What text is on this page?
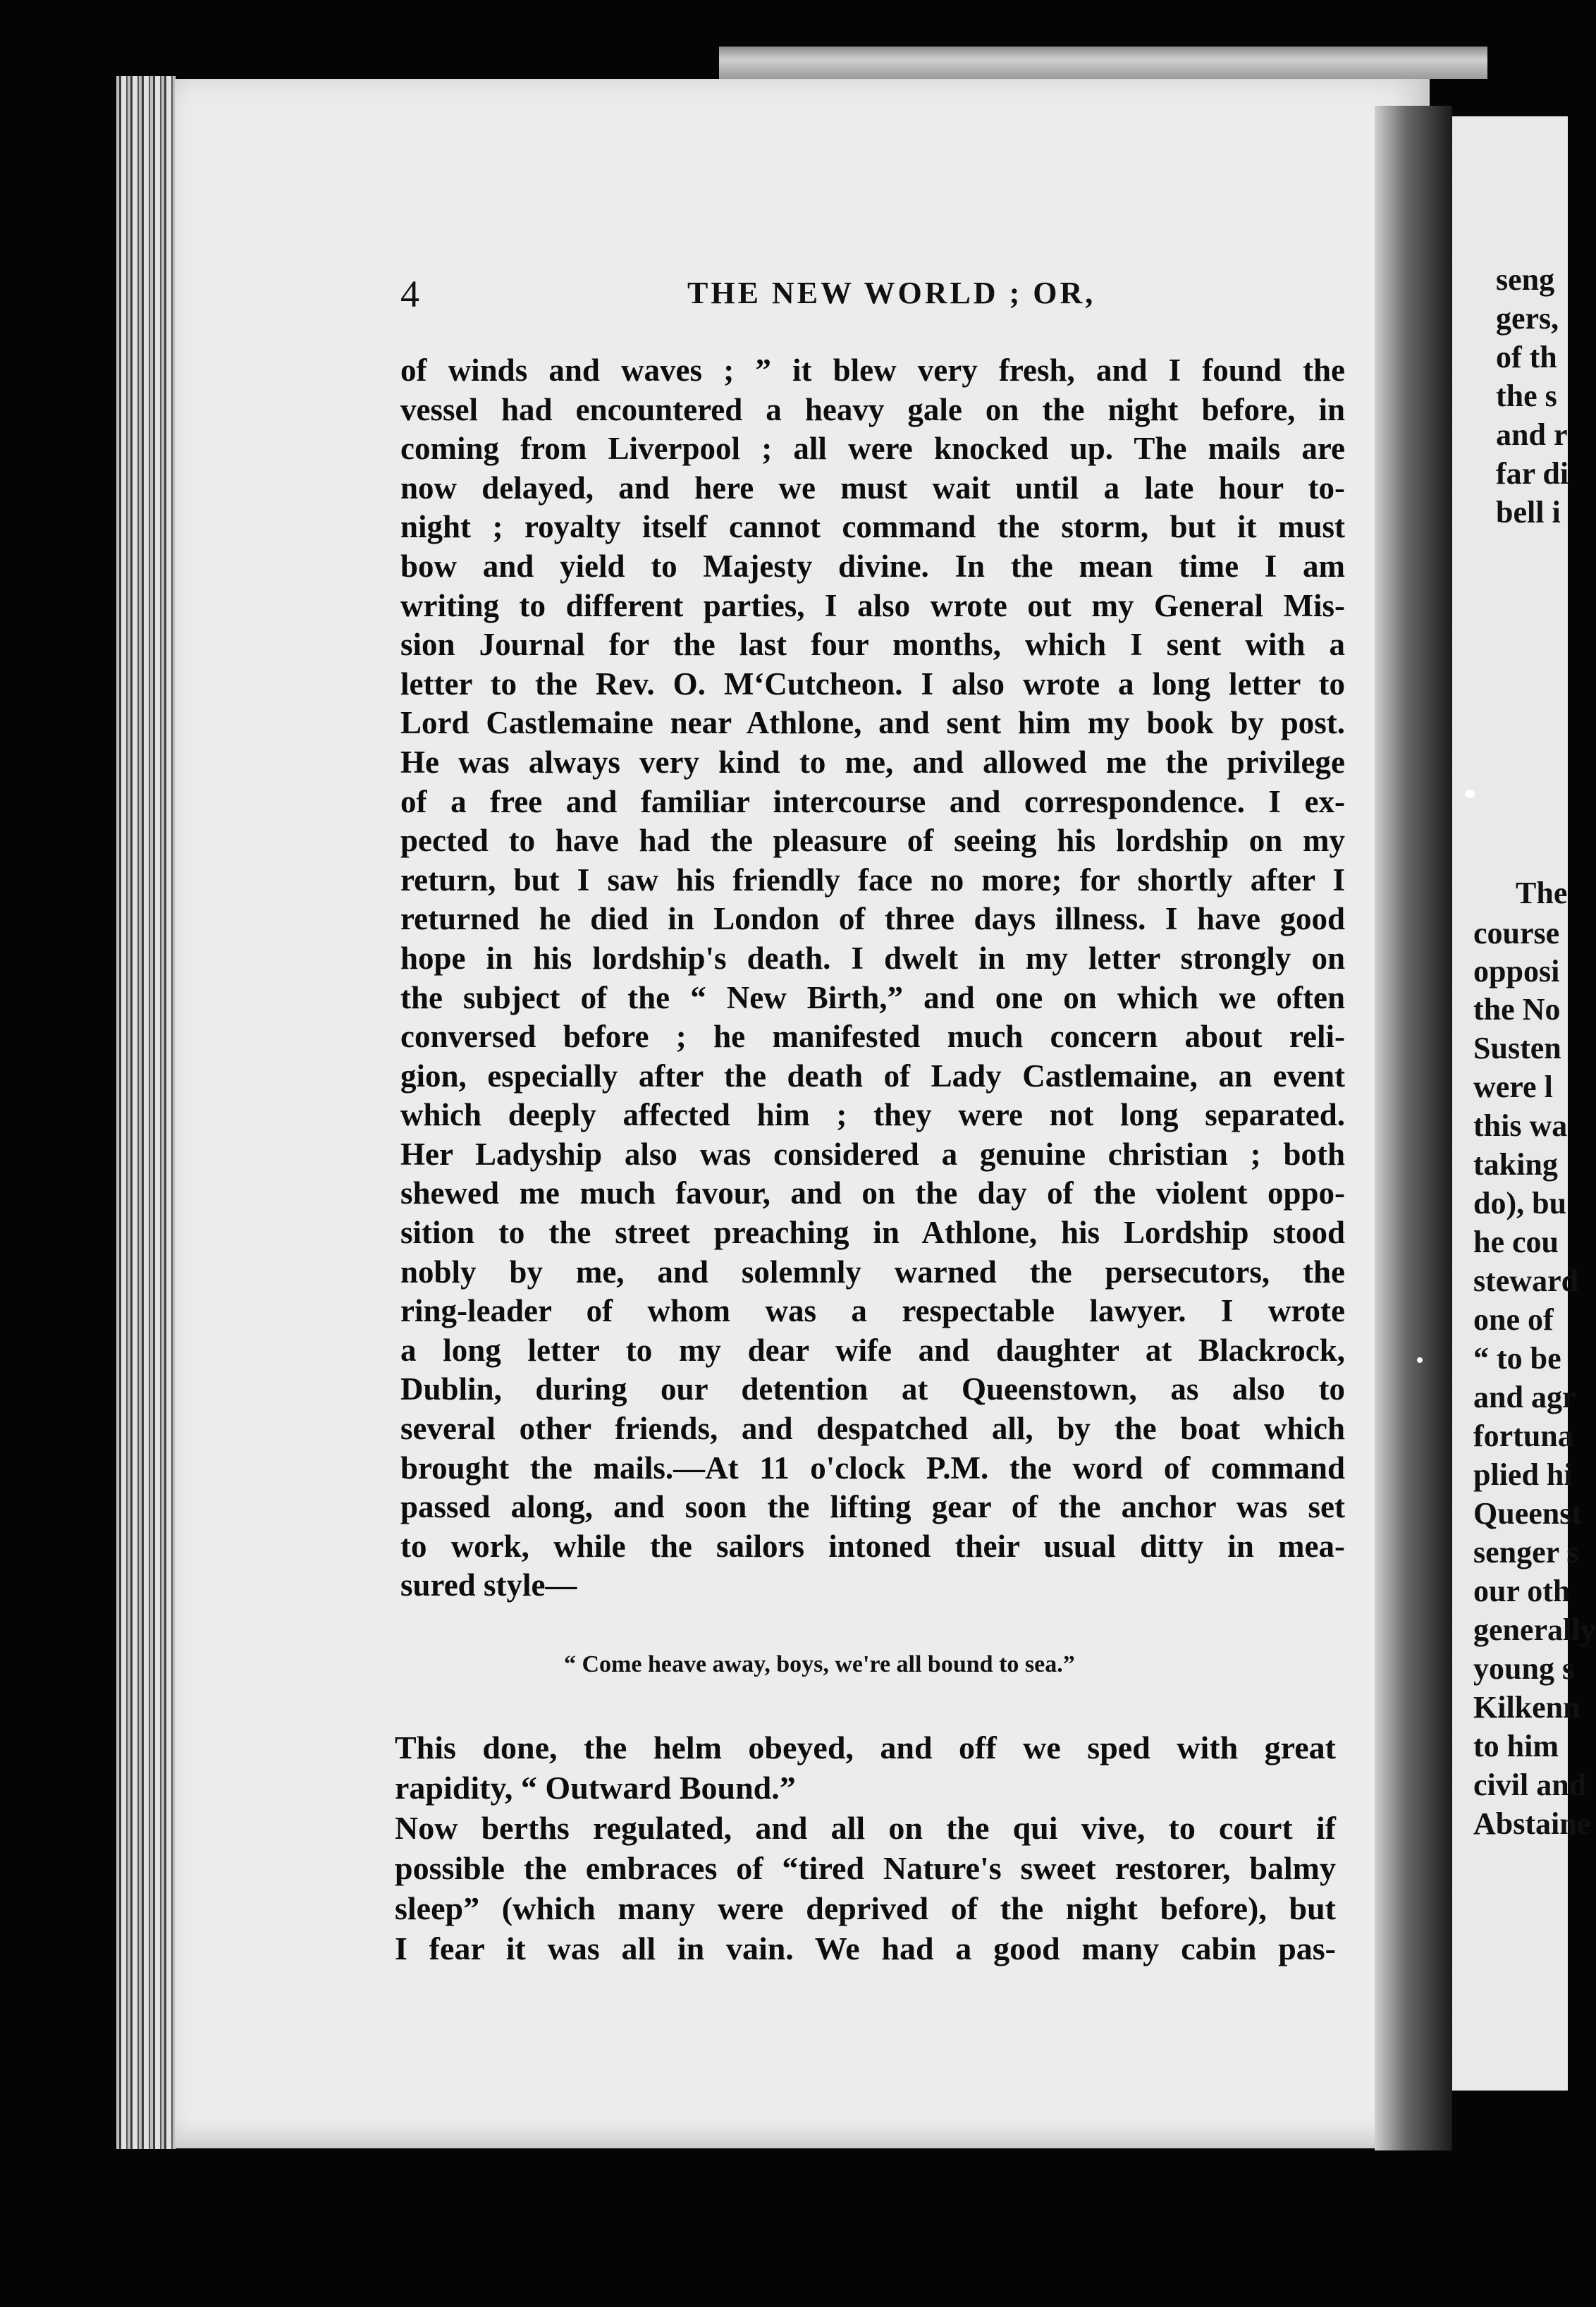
seng
gers,
of th
the s
and r
far di
bell i
The
course
opposi
the No
Susten
were l
this wa
taking
do), bu
he cou
steward
one of
“ to be
and agr
fortuna
plied hi
Queenst
senger s
our oth
generally
young s
Kilkenn
to him
civil and
Abstaine
4	THE NEW WORLD ; OR,
of winds and waves ; ” it blew very fresh, and I found the
vessel had encountered a heavy gale on the night before, in
coming from Liverpool ; all were knocked up. The mails are
now delayed, and here we must wait until a late hour to-
night ; royalty itself cannot command the storm, but it must
bow and yield to Majesty divine. In the mean time I am
writing to different parties, I also wrote out my General Mis-
sion Journal for the last four months, which I sent with a
letter to the Rev. O. M‘Cutcheon. I also wrote a long letter to
Lord Castlemaine near Athlone, and sent him my book by post.
He was always very kind to me, and allowed me the privilege
of a free and familiar intercourse and correspondence. I ex-
pected to have had the pleasure of seeing his lordship on my
return, but I saw his friendly face no more; for shortly after I
returned he died in London of three days illness. I have good
hope in his lordship's death. I dwelt in my letter strongly on
the subject of the “ New Birth,” and one on which we often
conversed before ; he manifested much concern about reli-
gion, especially after the death of Lady Castlemaine, an event
which deeply affected him ; they were not long separated.
Her Ladyship also was considered a genuine christian ; both
shewed me much favour, and on the day of the violent oppo-
sition to the street preaching in Athlone, his Lordship stood
nobly by me, and solemnly warned the persecutors, the
ring-leader of whom was a respectable lawyer. I wrote
a long letter to my dear wife and daughter at Blackrock,
Dublin, during our detention at Queenstown, as also to
several other friends, and despatched all, by the boat which
brought the mails.—At 11 o'clock P.M. the word of command
passed along, and soon the lifting gear of the anchor was set
to work, while the sailors intoned their usual ditty in mea-
sured style—
“ Come heave away, boys, we're all bound to sea.”
This done, the helm obeyed, and off we sped with great
rapidity, “ Outward Bound.”
Now berths regulated, and all on the qui vive, to court if
possible the embraces of “tired Nature's sweet restorer, balmy
sleep” (which many were deprived of the night before), but
I fear it was all in vain. We had a good many cabin pas-
